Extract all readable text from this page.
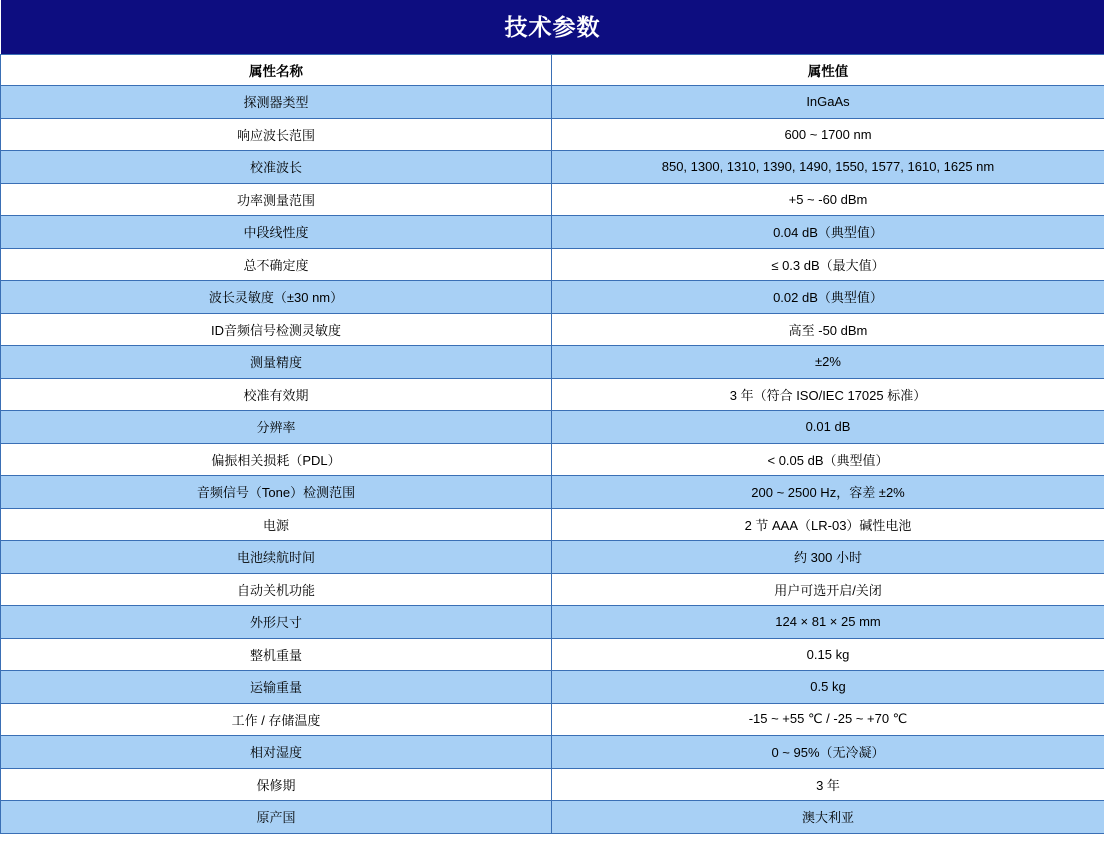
技术参数	
属性名称	属性值
探测器类型	InGaAs
响应波长范围	600 ~ 1700 nm
校准波长	850, 1300, 1310, 1390, 1490, 1550, 1577, 1610, 1625 nm
功率测量范围	+5 ~ -60 dBm
中段线性度	0.04 dB（典型值）
总不确定度	≤ 0.3 dB（最大值）
波长灵敏度（±30 nm）	0.02 dB（典型值）
ID音频信号检测灵敏度	高至 -50 dBm
测量精度	±2%
校准有效期	3 年（符合 ISO/IEC 17025 标准）
分辨率	0.01 dB
偏振相关损耗（PDL）	< 0.05 dB（典型值）
音频信号（Tone）检测范围	200 ~ 2500 Hz，容差 ±2%
电源	2 节 AAA（LR-03）碱性电池
电池续航时间	约 300 小时
自动关机功能	用户可选开启/关闭
外形尺寸	124 × 81 × 25 mm
整机重量	0.15 kg
运输重量	0.5 kg
工作 / 存储温度	-15 ~ +55 ℃ / -25 ~ +70 ℃
相对湿度	0 ~ 95%（无冷凝）
保修期	3 年
原产国	澳大利亚
